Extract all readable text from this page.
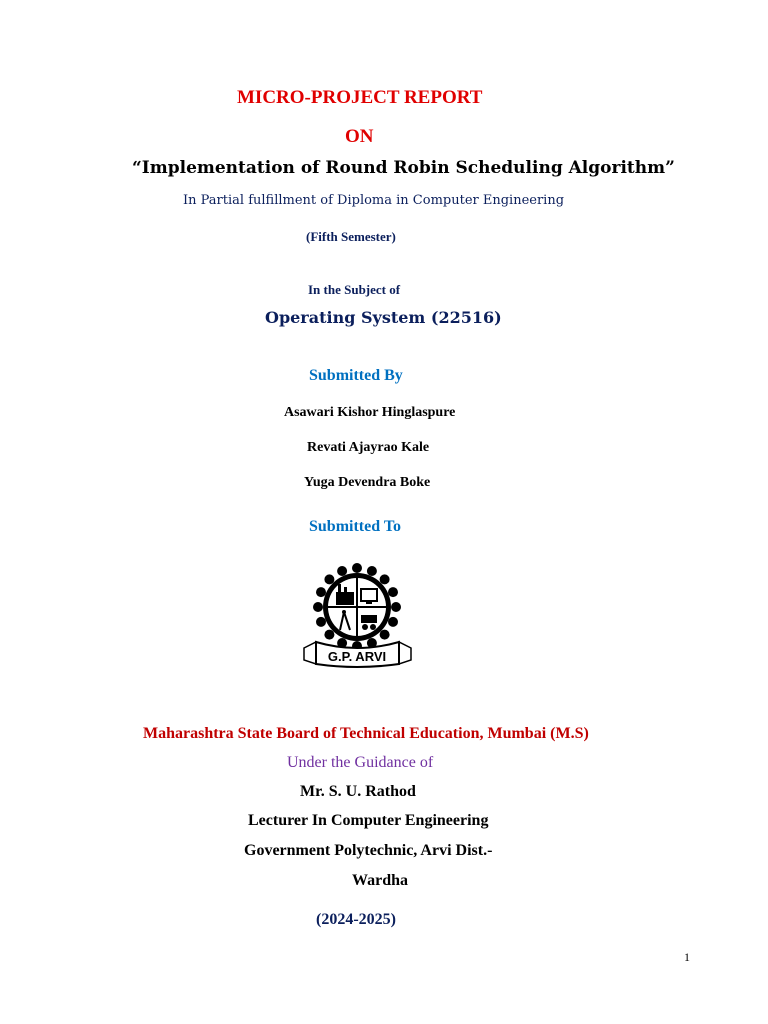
MICRO-PROJECT REPORT
ON
“Implementation of Round Robin Scheduling Algorithm”
In Partial fulfillment of Diploma in Computer Engineering
(Fifth Semester)
In the Subject of
Operating System (22516)
Submitted By
Asawari Kishor Hinglaspure
Revati Ajayrao Kale
Yuga Devendra Boke
Submitted To
G.P. ARVI
Maharashtra State Board of Technical Education, Mumbai (M.S)
Under the Guidance of
Mr. S. U. Rathod
Lecturer In Computer Engineering
Government Polytechnic, Arvi Dist.-
Wardha
(2024-2025)
1
